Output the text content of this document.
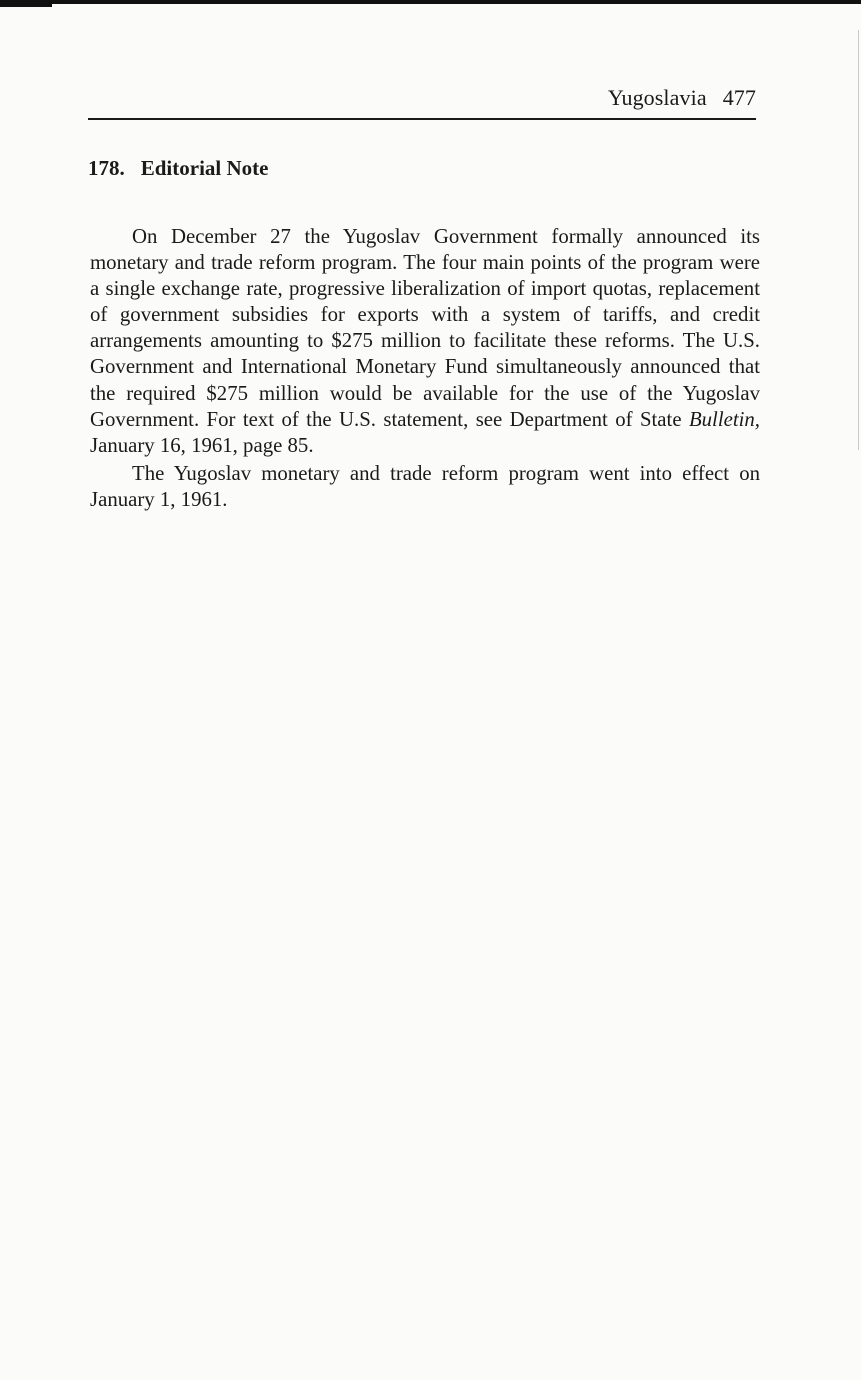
Yugoslavia 477
178. Editorial Note

On December 27 the Yugoslav Government formally announced its monetary and trade reform program. The four main points of the program were a single exchange rate, progressive liberalization of import quotas, replacement of government subsidies for exports with a system of tariffs, and credit arrangements amounting to $275 million to facilitate these reforms. The U.S. Government and International Monetary Fund simultaneously announced that the required $275 million would be available for the use of the Yugoslav Government. For text of the U.S. statement, see Department of State Bulletin, January 16, 1961, page 85.

The Yugoslav monetary and trade reform program went into effect on January 1, 1961.
